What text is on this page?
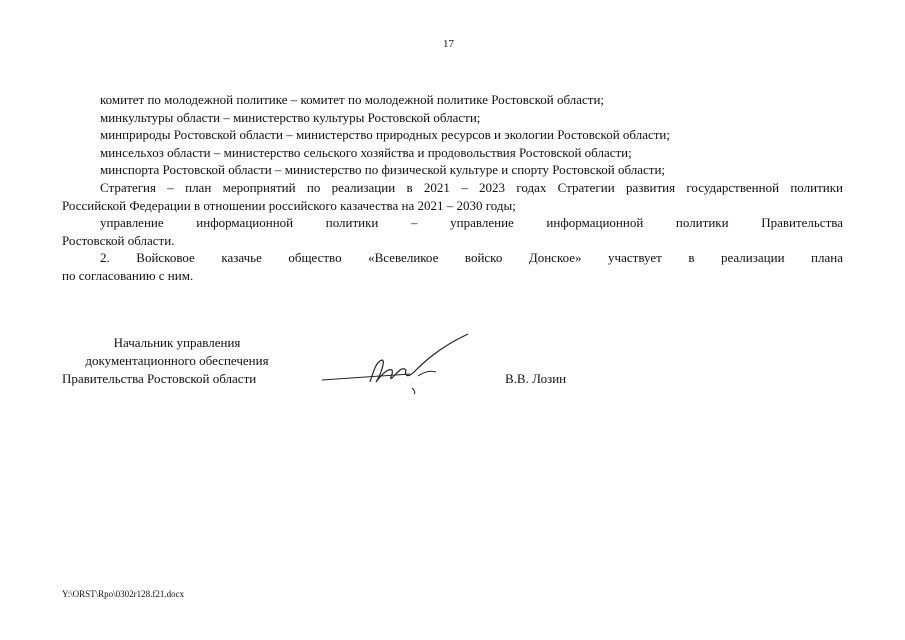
17

комитет по молодежной политике – комитет по молодежной политике Ростовской области;

минкультуры области – министерство культуры Ростовской области;

минприроды Ростовской области – министерство природных ресурсов и экологии Ростовской области;

минсельхоз области – министерство сельского хозяйства и продовольствия Ростовской области;

минспорта Ростовской области – министерство по физической культуре и спорту Ростовской области;

Стратегия – план мероприятий по реализации в 2021 – 2023 годах Стратегии развития государственной политики

Российской Федерации в отношении российского казачества на 2021 – 2030 годы;

управление информационной политики – управление информационной политики Правительства

Ростовской области.

2. Войсковое казачье общество «Всевеликое войско Донское» участвует в реализации плана

по согласованию с ним.

Начальник управления
документационного обеспечения
Правительства Ростовской области	В.В. Лозин
Y:\ORST\Rpo\0302r128.f21.docx
